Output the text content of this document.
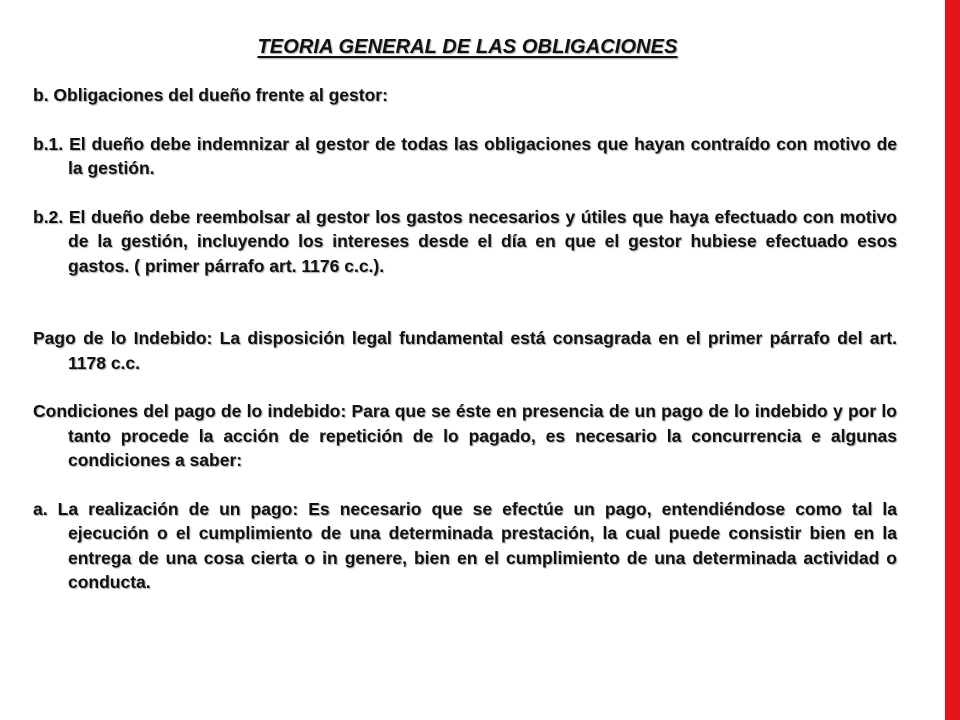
TEORIA GENERAL DE LAS OBLIGACIONES

b. Obligaciones del dueño frente al gestor:

b.1. El dueño debe indemnizar al gestor de todas las obligaciones que hayan contraído con motivo de la gestión.

b.2. El dueño debe reembolsar al gestor los gastos necesarios y útiles que haya efectuado con motivo de la gestión, incluyendo los intereses desde el día en que el gestor hubiese efectuado esos gastos. ( primer párrafo art. 1176 c.c.).

Pago de lo Indebido: La disposición legal fundamental está consagrada en el primer párrafo del art. 1178 c.c.

Condiciones del pago de lo indebido: Para que se éste en presencia de un pago de lo indebido y por lo tanto procede la acción de repetición de lo pagado, es necesario la concurrencia e algunas condiciones a saber:

a. La realización de un pago: Es necesario que se efectúe un pago, entendiéndose como tal la ejecución o el cumplimiento de una determinada prestación, la cual puede consistir bien en la entrega de una cosa cierta o in genere, bien en el cumplimiento de una determinada actividad o conducta.
